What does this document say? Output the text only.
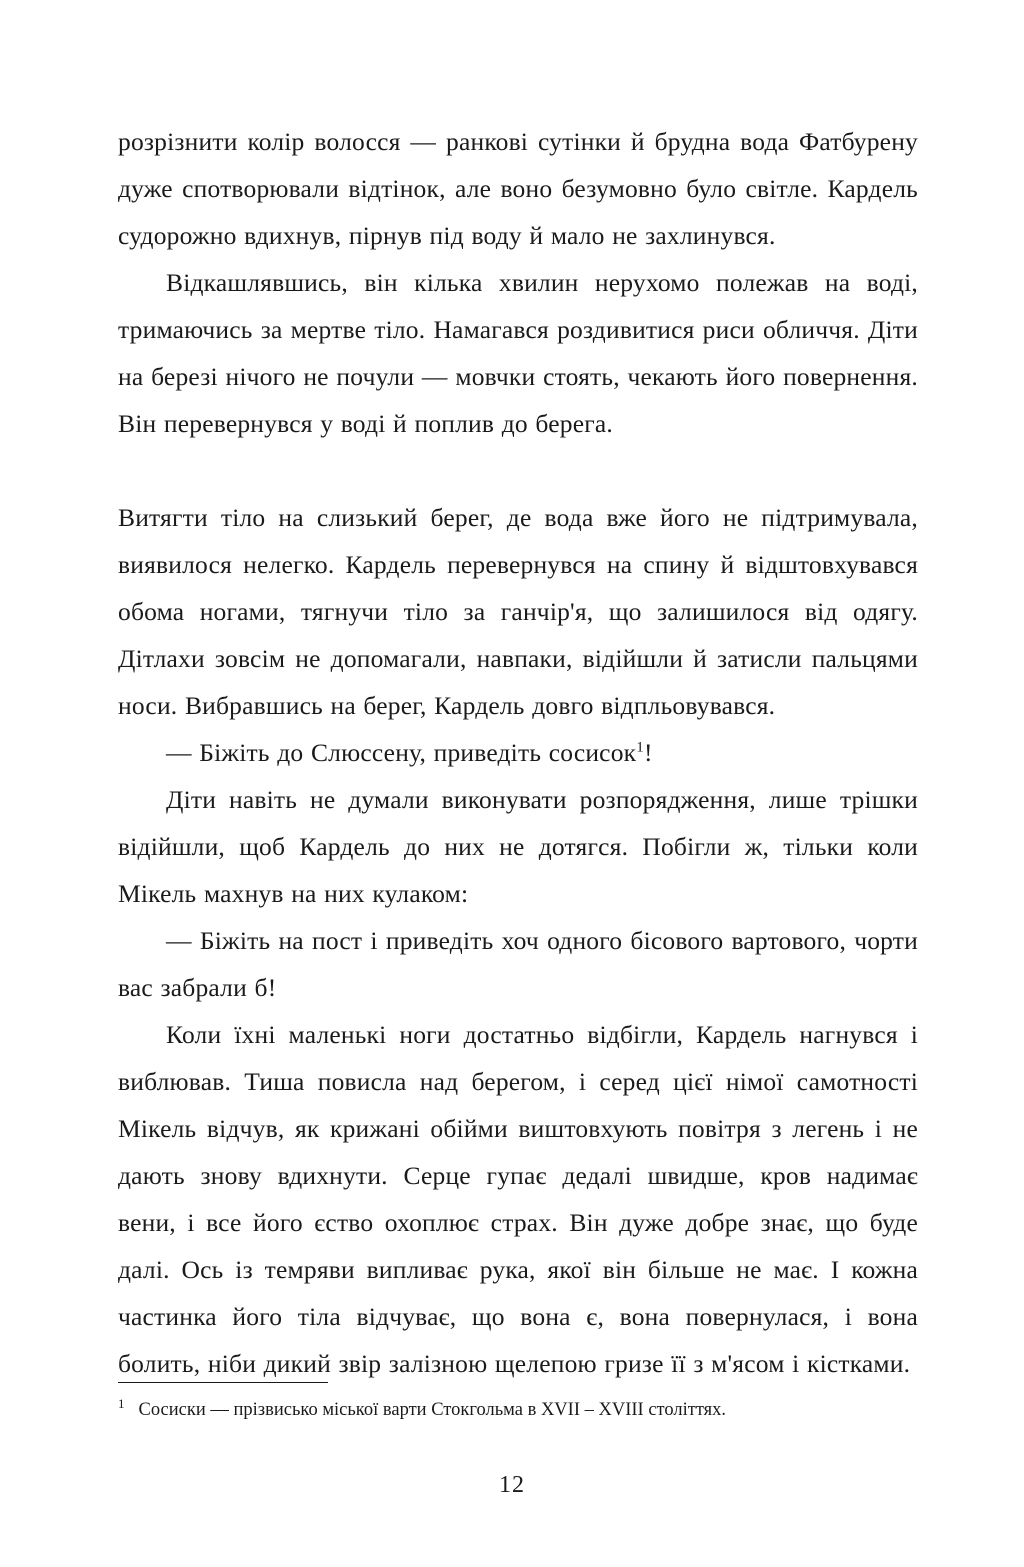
розрізнити колір волосся — ранкові сутінки й брудна вода Фатбурену дуже спотворювали відтінок, але воно безумовно було світле. Кардель судорожно вдихнув, пірнув під воду й мало не захлинувся.

Відкашлявшись, він кілька хвилин нерухомо полежав на воді, тримаючись за мертве тіло. Намагався роздивитися риси обличчя. Діти на березі нічого не почули — мовчки стоять, чекають його повернення. Він перевернувся у воді й поплив до берега.

Витягти тіло на слизький берег, де вода вже його не підтримувала, виявилося нелегко. Кардель перевернувся на спину й відштовхувався обома ногами, тягнучи тіло за ганчір'я, що залишилося від одягу. Дітлахи зовсім не допомагали, навпаки, відійшли й затисли пальцями носи. Вибравшись на берег, Кардель довго відпльовувався.

— Біжіть до Слюссену, приведіть сосисок$^1$!

Діти навіть не думали виконувати розпорядження, лише трішки відійшли, щоб Кардель до них не дотягся. Побігли ж, тільки коли Мікель махнув на них кулаком:

— Біжіть на пост і приведіть хоч одного бісового вартового, чорти вас забрали б!

Коли їхні маленькі ноги достатньо відбігли, Кардель нагнувся і виблював. Тиша повисла над берегом, і серед цієї німої самотності Мікель відчув, як крижані обійми виштовхують повітря з легень і не дають знову вдихнути. Серце гупає дедалі швидше, кров надимає вени, і все його єство охоплює страх. Він дуже добре знає, що буде далі. Ось із темряви випливає рука, якої він більше не має. І кожна частинка його тіла відчуває, що вона є, вона повернулася, і вона болить, ніби дикий звір залізною щелепою гризе її з м'ясом і кістками.

$^1$ Сосиски — прізвисько міської варти Стокгольма в XVII – XVIII століттях.

12
